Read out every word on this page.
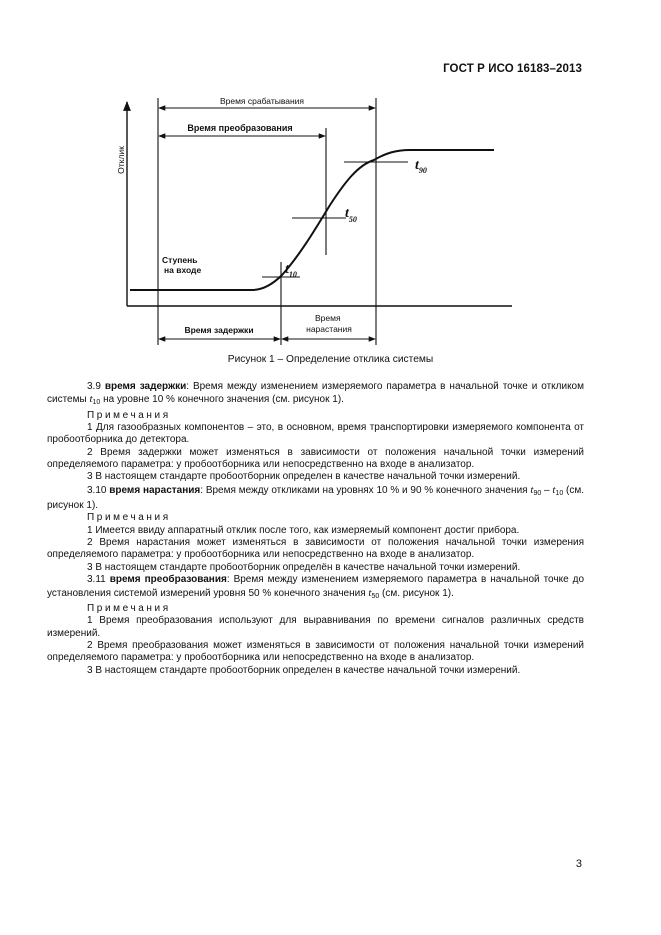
ГОСТ Р ИСО 16183–2013
Отклик
$t_{10}$
$t_{50}$
$t_{90}$
Время срабатывания
Время преобразования
Ступень на входе
Время задержки
Время нарастания
Рисунок 1 – Определение отклика системы

3.9 время задержки: Время между изменением измеряемого параметра в начальной точке и откликом системы $t_{10}$ на уровне 10 % конечного значения (см. рисунок 1).

Примечания

1 Для газообразных компонентов – это, в основном, время транспортировки измеряемого компонента от пробоотборника до детектора.

2 Время задержки может изменяться в зависимости от положения начальной точки измерений определяемого параметра: у пробоотборника или непосредственно на входе в анализатор.

3 В настоящем стандарте пробоотборник определен в качестве начальной точки измерений.

3.10 время нарастания: Время между откликами на уровнях 10 % и 90 % конечного значения $t_{90} - t_{10}$ (см. рисунок 1).

Примечания

1 Имеется ввиду аппаратный отклик после того, как измеряемый компонент достиг прибора.

2 Время нарастания может изменяться в зависимости от положения начальной точки измерения определяемого параметра: у пробоотборника или непосредственно на входе в анализатор.

3 В настоящем стандарте пробоотборник определён в качестве начальной точки измерений.

3.11 время преобразования: Время между изменением измеряемого параметра в начальной точке до установления системой измерений уровня 50 % конечного значения $t_{50}$ (см. рисунок 1).

Примечания

1 Время преобразования используют для выравнивания по времени сигналов различных средств измерений.

2 Время преобразования может изменяться в зависимости от положения начальной точки измерений определяемого параметра: у пробоотборника или непосредственно на входе в анализатор.

3 В настоящем стандарте пробоотборник определен в качестве начальной точки измерений.

3
